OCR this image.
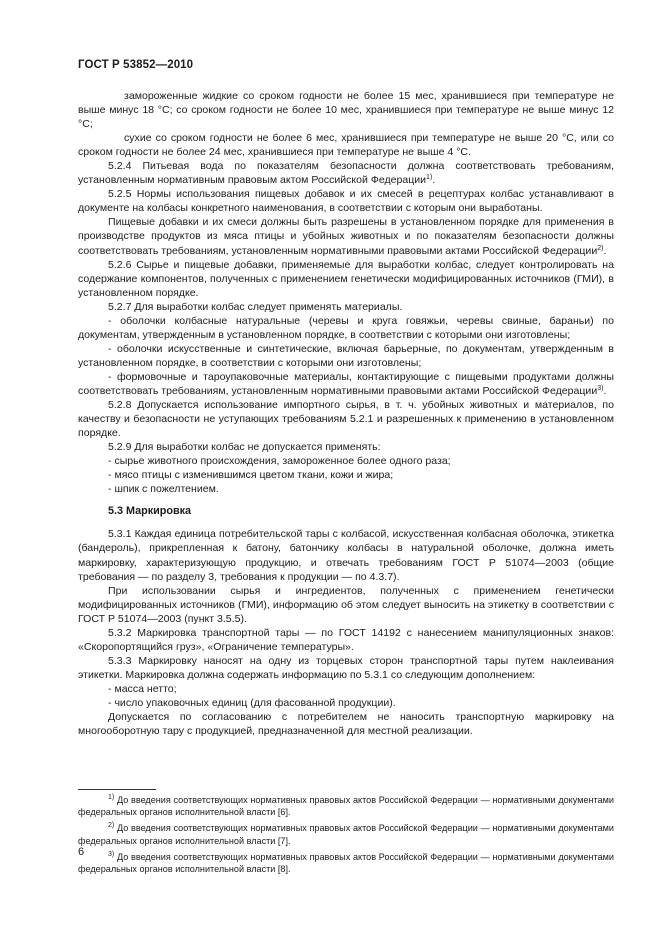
ГОСТ Р 53852—2010

замороженные жидкие со сроком годности не более 15 мес, хранившиеся при температуре не выше минус 18 °С; со сроком годности не более 10 мес, хранившиеся при температуре не выше минус 12 °С;

сухие со сроком годности не более 6 мес, хранившиеся при температуре не выше 20 °С, или со сроком годности не более 24 мес, хранившиеся при температуре не выше 4 °С.

5.2.4 Питьевая вода по показателям безопасности должна соответствовать требованиям, установленным нормативным правовым актом Российской Федерации$^{1)}$.

5.2.5 Нормы использования пищевых добавок и их смесей в рецептурах колбас устанавливают в документе на колбасы конкретного наименования, в соответствии с которым они выработаны.

Пищевые добавки и их смеси должны быть разрешены в установленном порядке для применения в производстве продуктов из мяса птицы и убойных животных и по показателям безопасности должны соответствовать требованиям, установленным нормативными правовыми актами Российской Федерации$^{2)}$.

5.2.6 Сырье и пищевые добавки, применяемые для выработки колбас, следует контролировать на содержание компонентов, полученных с применением генетически модифицированных источников (ГМИ), в установленном порядке.

5.2.7 Для выработки колбас следует применять материалы.

- оболочки колбасные натуральные (черевы и круга говяжьи, черевы свиные, бараньи) по документам, утвержденным в установленном порядке, в соответствии с которыми они изготовлены;

- оболочки искусственные и синтетические, включая барьерные, по документам, утвержденным в установленном порядке, в соответствии с которыми они изготовлены;

- формовочные и тароупаковочные материалы, контактирующие с пищевыми продуктами должны соответствовать требованиям, установленным нормативными правовыми актами Российской Федерации$^{3)}$.

5.2.8 Допускается использование импортного сырья, в т. ч. убойных животных и материалов, по качеству и безопасности не уступающих требованиям 5.2.1 и разрешенных к применению в установленном порядке.

5.2.9 Для выработки колбас не допускается применять:

- сырье животного происхождения, замороженное более одного раза;

- мясо птицы с изменившимся цветом ткани, кожи и жира;

- шпик с пожелтением.

5.3 Маркировка

5.3.1 Каждая единица потребительской тары с колбасой, искусственная колбасная оболочка, этикетка (бандероль), прикрепленная к батону, батончику колбасы в натуральной оболочке, должна иметь маркировку, характеризующую продукцию, и отвечать требованиям ГОСТ Р 51074—2003 (общие требования — по разделу 3, требования к продукции — по 4.3.7).

При использовании сырья и ингредиентов, полученных с применением генетически модифицированных источников (ГМИ), информацию об этом следует выносить на этикетку в соответствии с ГОСТ Р 51074—2003 (пункт 3.5.5).

5.3.2 Маркировка транспортной тары — по ГОСТ 14192 с нанесением манипуляционных знаков: «Скоропортящийся груз», «Ограничение температуры».

5.3.3 Маркировку наносят на одну из торцевых сторон транспортной тары путем наклеивания этикетки. Маркировка должна содержать информацию по 5.3.1 со следующим дополнением:

- масса нетто;

- число упаковочных единиц (для фасованной продукции).

Допускается по согласованию с потребителем не наносить транспортную маркировку на многооборотную тару с продукцией, предназначенной для местной реализации.

$^{1)}$ До введения соответствующих нормативных правовых актов Российской Федерации — нормативными документами федеральных органов исполнительной власти [6].

$^{2)}$ До введения соответствующих нормативных правовых актов Российской Федерации — нормативными документами федеральных органов исполнительной власти [7].

$^{3)}$ До введения соответствующих нормативных правовых актов Российской Федерации — нормативными документами федеральных органов исполнительной власти [8].

6
